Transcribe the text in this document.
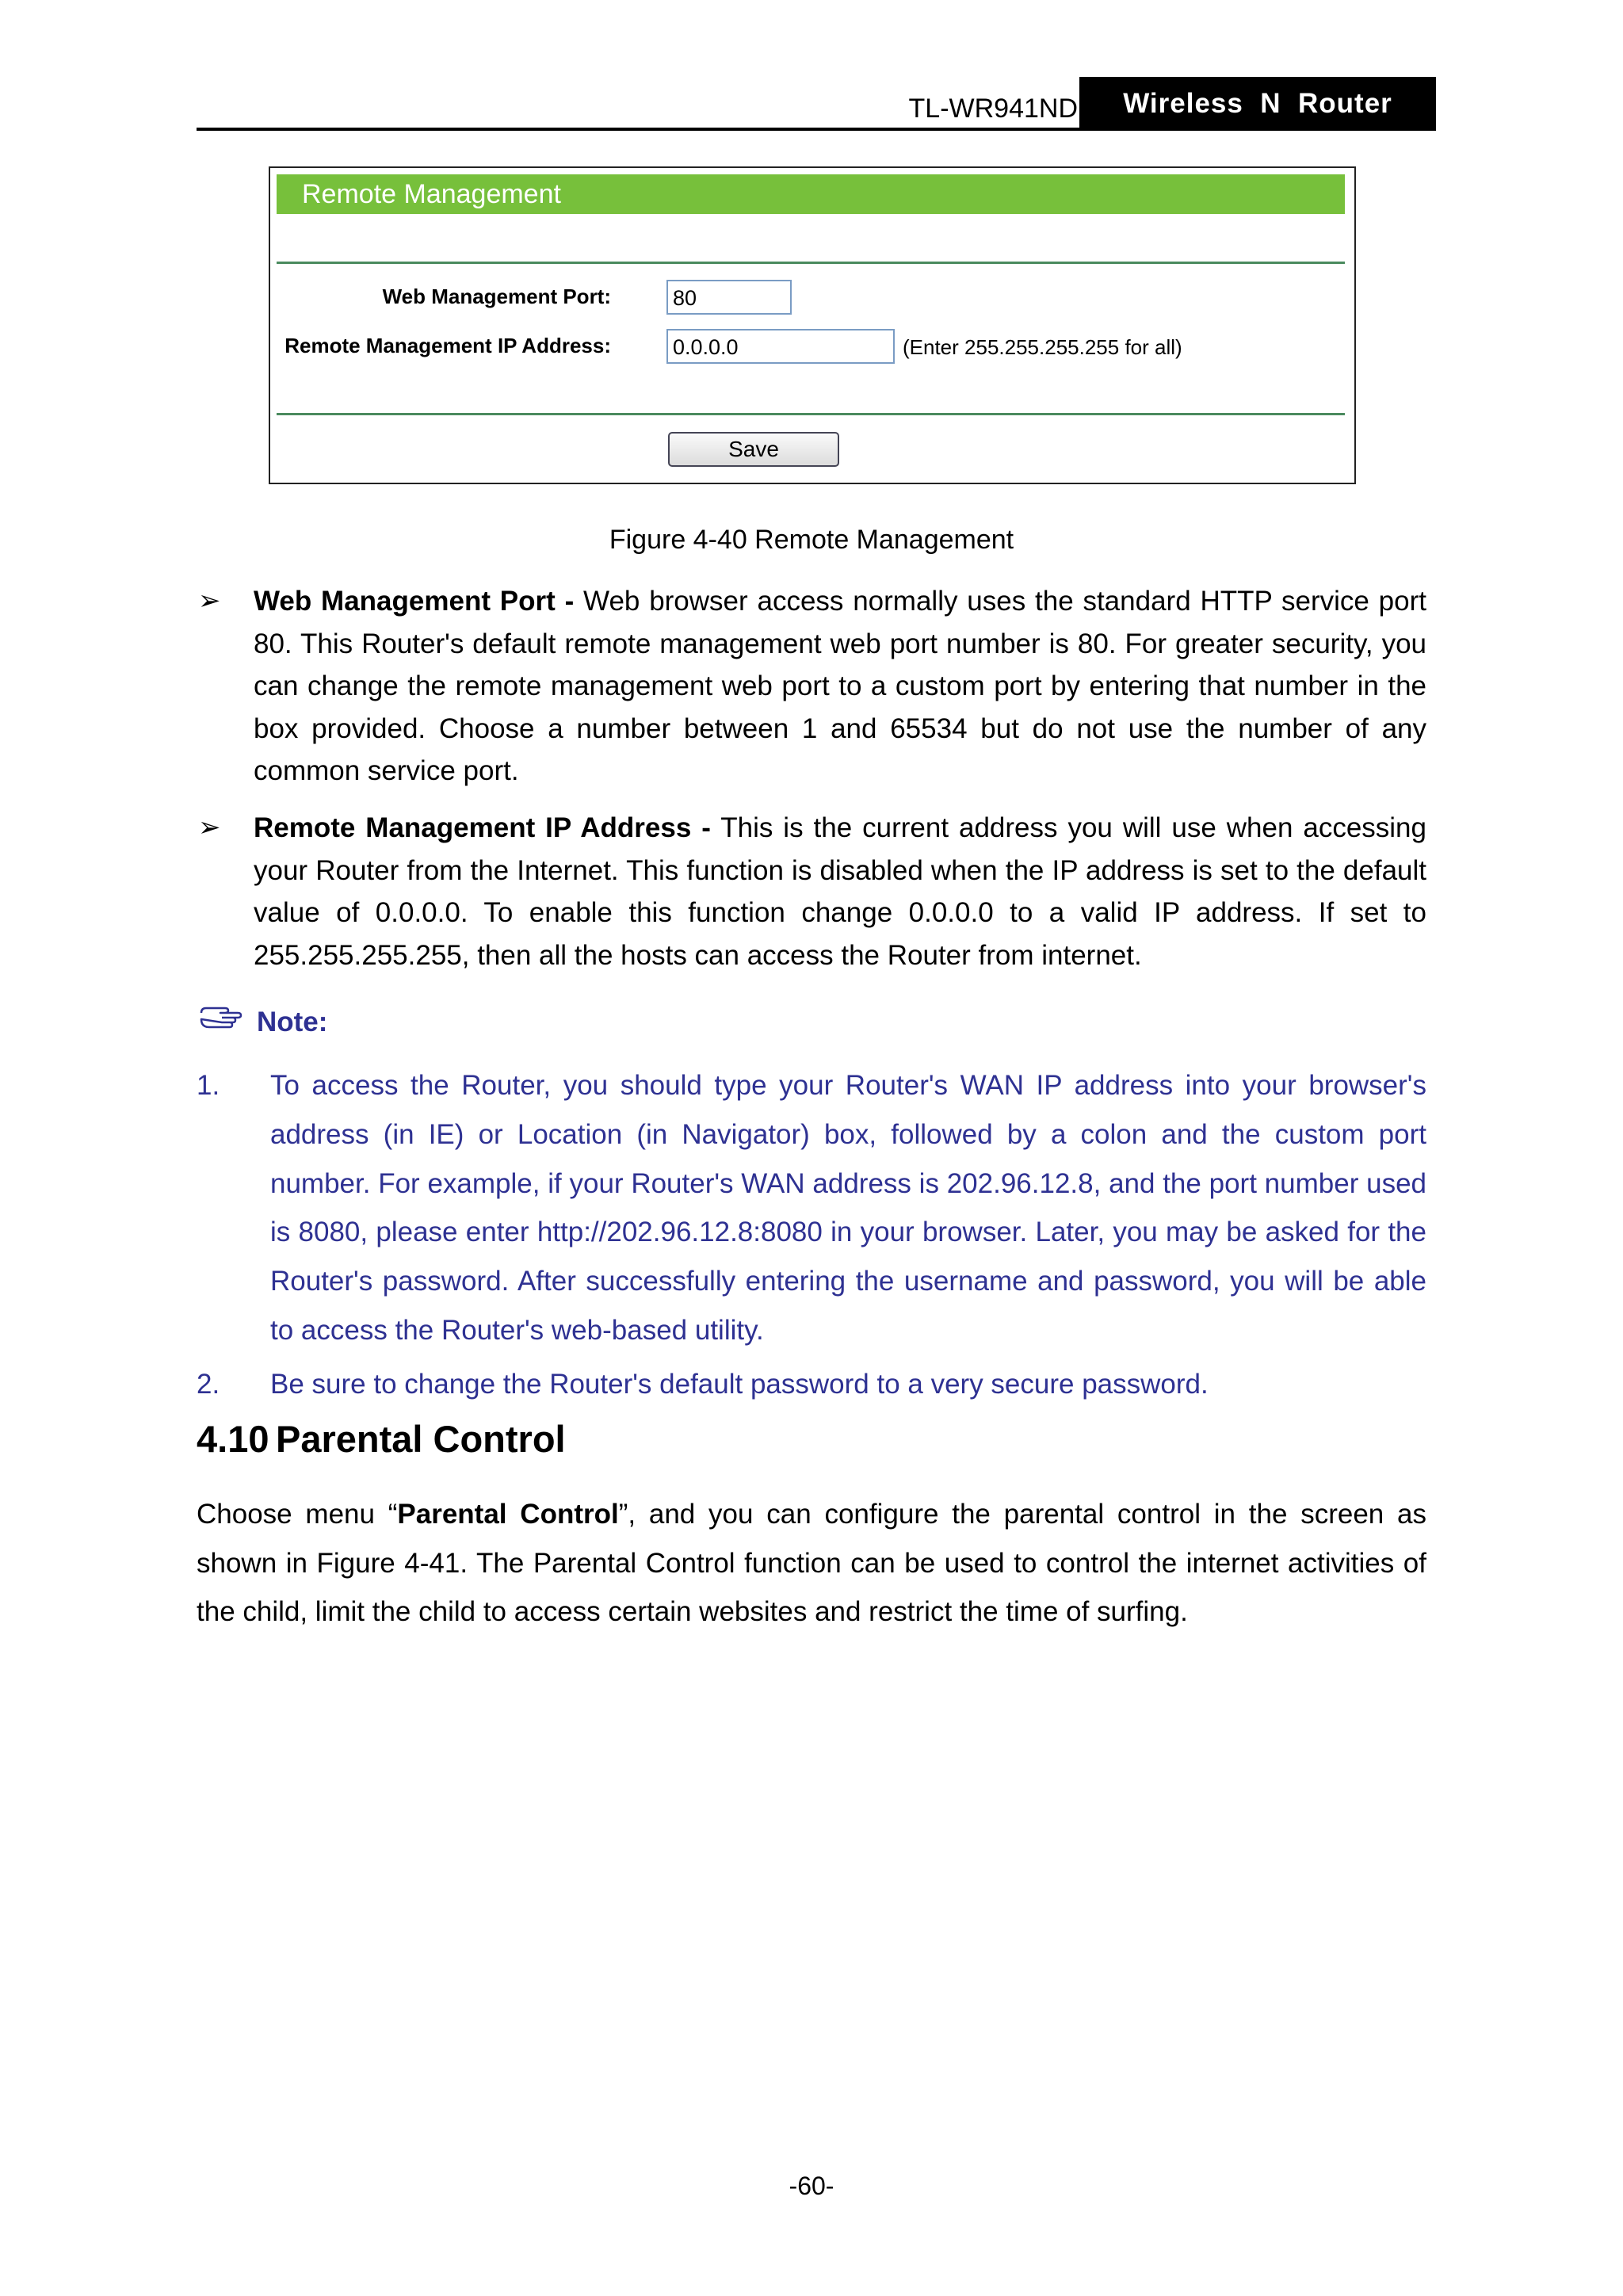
TL-WR941ND	Wireless  N  Router
Remote Management
Web Management Port:	80
Remote Management IP Address:	0.0.0.0	(Enter 255.255.255.255 for all)
Save
Figure 4-40 Remote Management
➢ Web Management Port - Web browser access normally uses the standard HTTP service port 80. This Router's default remote management web port number is 80. For greater security, you can change the remote management web port to a custom port by entering that number in the box provided. Choose a number between 1 and 65534 but do not use the number of any common service port.
➢ Remote Management IP Address - This is the current address you will use when accessing your Router from the Internet. This function is disabled when the IP address is set to the default value of 0.0.0.0. To enable this function change 0.0.0.0 to a valid IP address. If set to 255.255.255.255, then all the hosts can access the Router from internet.
Note:
1. To access the Router, you should type your Router's WAN IP address into your browser's address (in IE) or Location (in Navigator) box, followed by a colon and the custom port number. For example, if your Router's WAN address is 202.96.12.8, and the port number used is 8080, please enter http://202.96.12.8:8080 in your browser. Later, you may be asked for the Router's password. After successfully entering the username and password, you will be able to access the Router's web-based utility.
2. Be sure to change the Router's default password to a very secure password.
4.10 Parental Control
Choose menu “Parental Control”, and you can configure the parental control in the screen as shown in Figure 4-41. The Parental Control function can be used to control the internet activities of the child, limit the child to access certain websites and restrict the time of surfing.
-60-
